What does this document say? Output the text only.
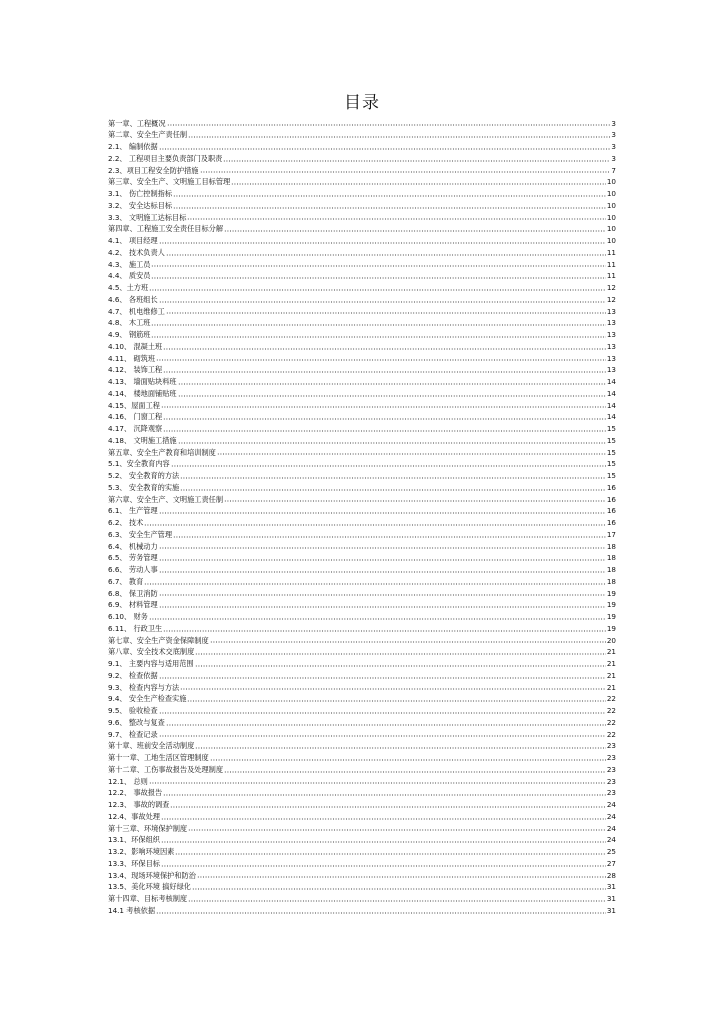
目录
第一章、工程概况	3
第二章、安全生产责任制	3
2.1、 编制依据	3
2.2、 工程项目主要负责部门及职责	3
2.3、项目工程安全防护措施	7
第三章、安全生产、文明施工目标管理	10
3.1、 伤亡控制指标	10
3.2、 安全达标目标	10
3.3、 文明施工达标目标	10
第四章、工程施工安全责任目标分解	10
4.1、 项目经理	10
4.2、 技术负责人	11
4.3、 施工员	11
4.4、 质安员	11
4.5、土方班	12
4.6、 各班组长	12
4.7、 机电维修工	13
4.8、 木工班	13
4.9、 钢筋班	13
4.10、 混凝土班	13
4.11、 砌筑班	13
4.12、 装饰工程	13
4.13、 墙面贴块料班	14
4.14、 楼地面铺贴班	14
4.15、屋面工程	14
4.16、 门窗工程	14
4.17、 沉降观察	15
4.18、 文明施工措施	15
第五章、安全生产教育和培训制度	15
5.1、安全教育内容	15
5.2、 安全教育的方法	15
5.3、 安全教育的实施	16
第六章、安全生产、文明施工责任制	16
6.1、 生产管理	16
6.2、 技术	16
6.3、 安全生产管理	17
6.4、 机械动力	18
6.5、 劳务管理	18
6.6、 劳动人事	18
6.7、 教育	18
6.8、 保卫消防	19
6.9、 材料管理	19
6.10、 财务	19
6.11、 行政卫生	19
第七章、安全生产资金保障制度	20
第八章、安全技术交底制度	21
9.1、 主要内容与适用范围	21
9.2、 检查依据	21
9.3、 检查内容与方法	21
9.4、 安全生产检查实施	22
9.5、 验收检查	22
9.6、 整改与复查	22
9.7、 检查记录	22
第十章、班前安全活动制度	23
第十一章、工地生活区管理制度	23
第十二章、工伤事故报告及处理制度	23
12.1、 总则	23
12.2、 事故报告	23
12.3、 事故的调查	24
12.4、事故处理	24
第十三章、环境保护制度	24
13.1、环保组织	24
13.2、影响环境因素	25
13.3、环保目标	27
13.4、现场环境保护和防治	28
13.5、美化环境 搞好绿化	31
第十四章、目标考核制度	31
14.1 考核依据	31
